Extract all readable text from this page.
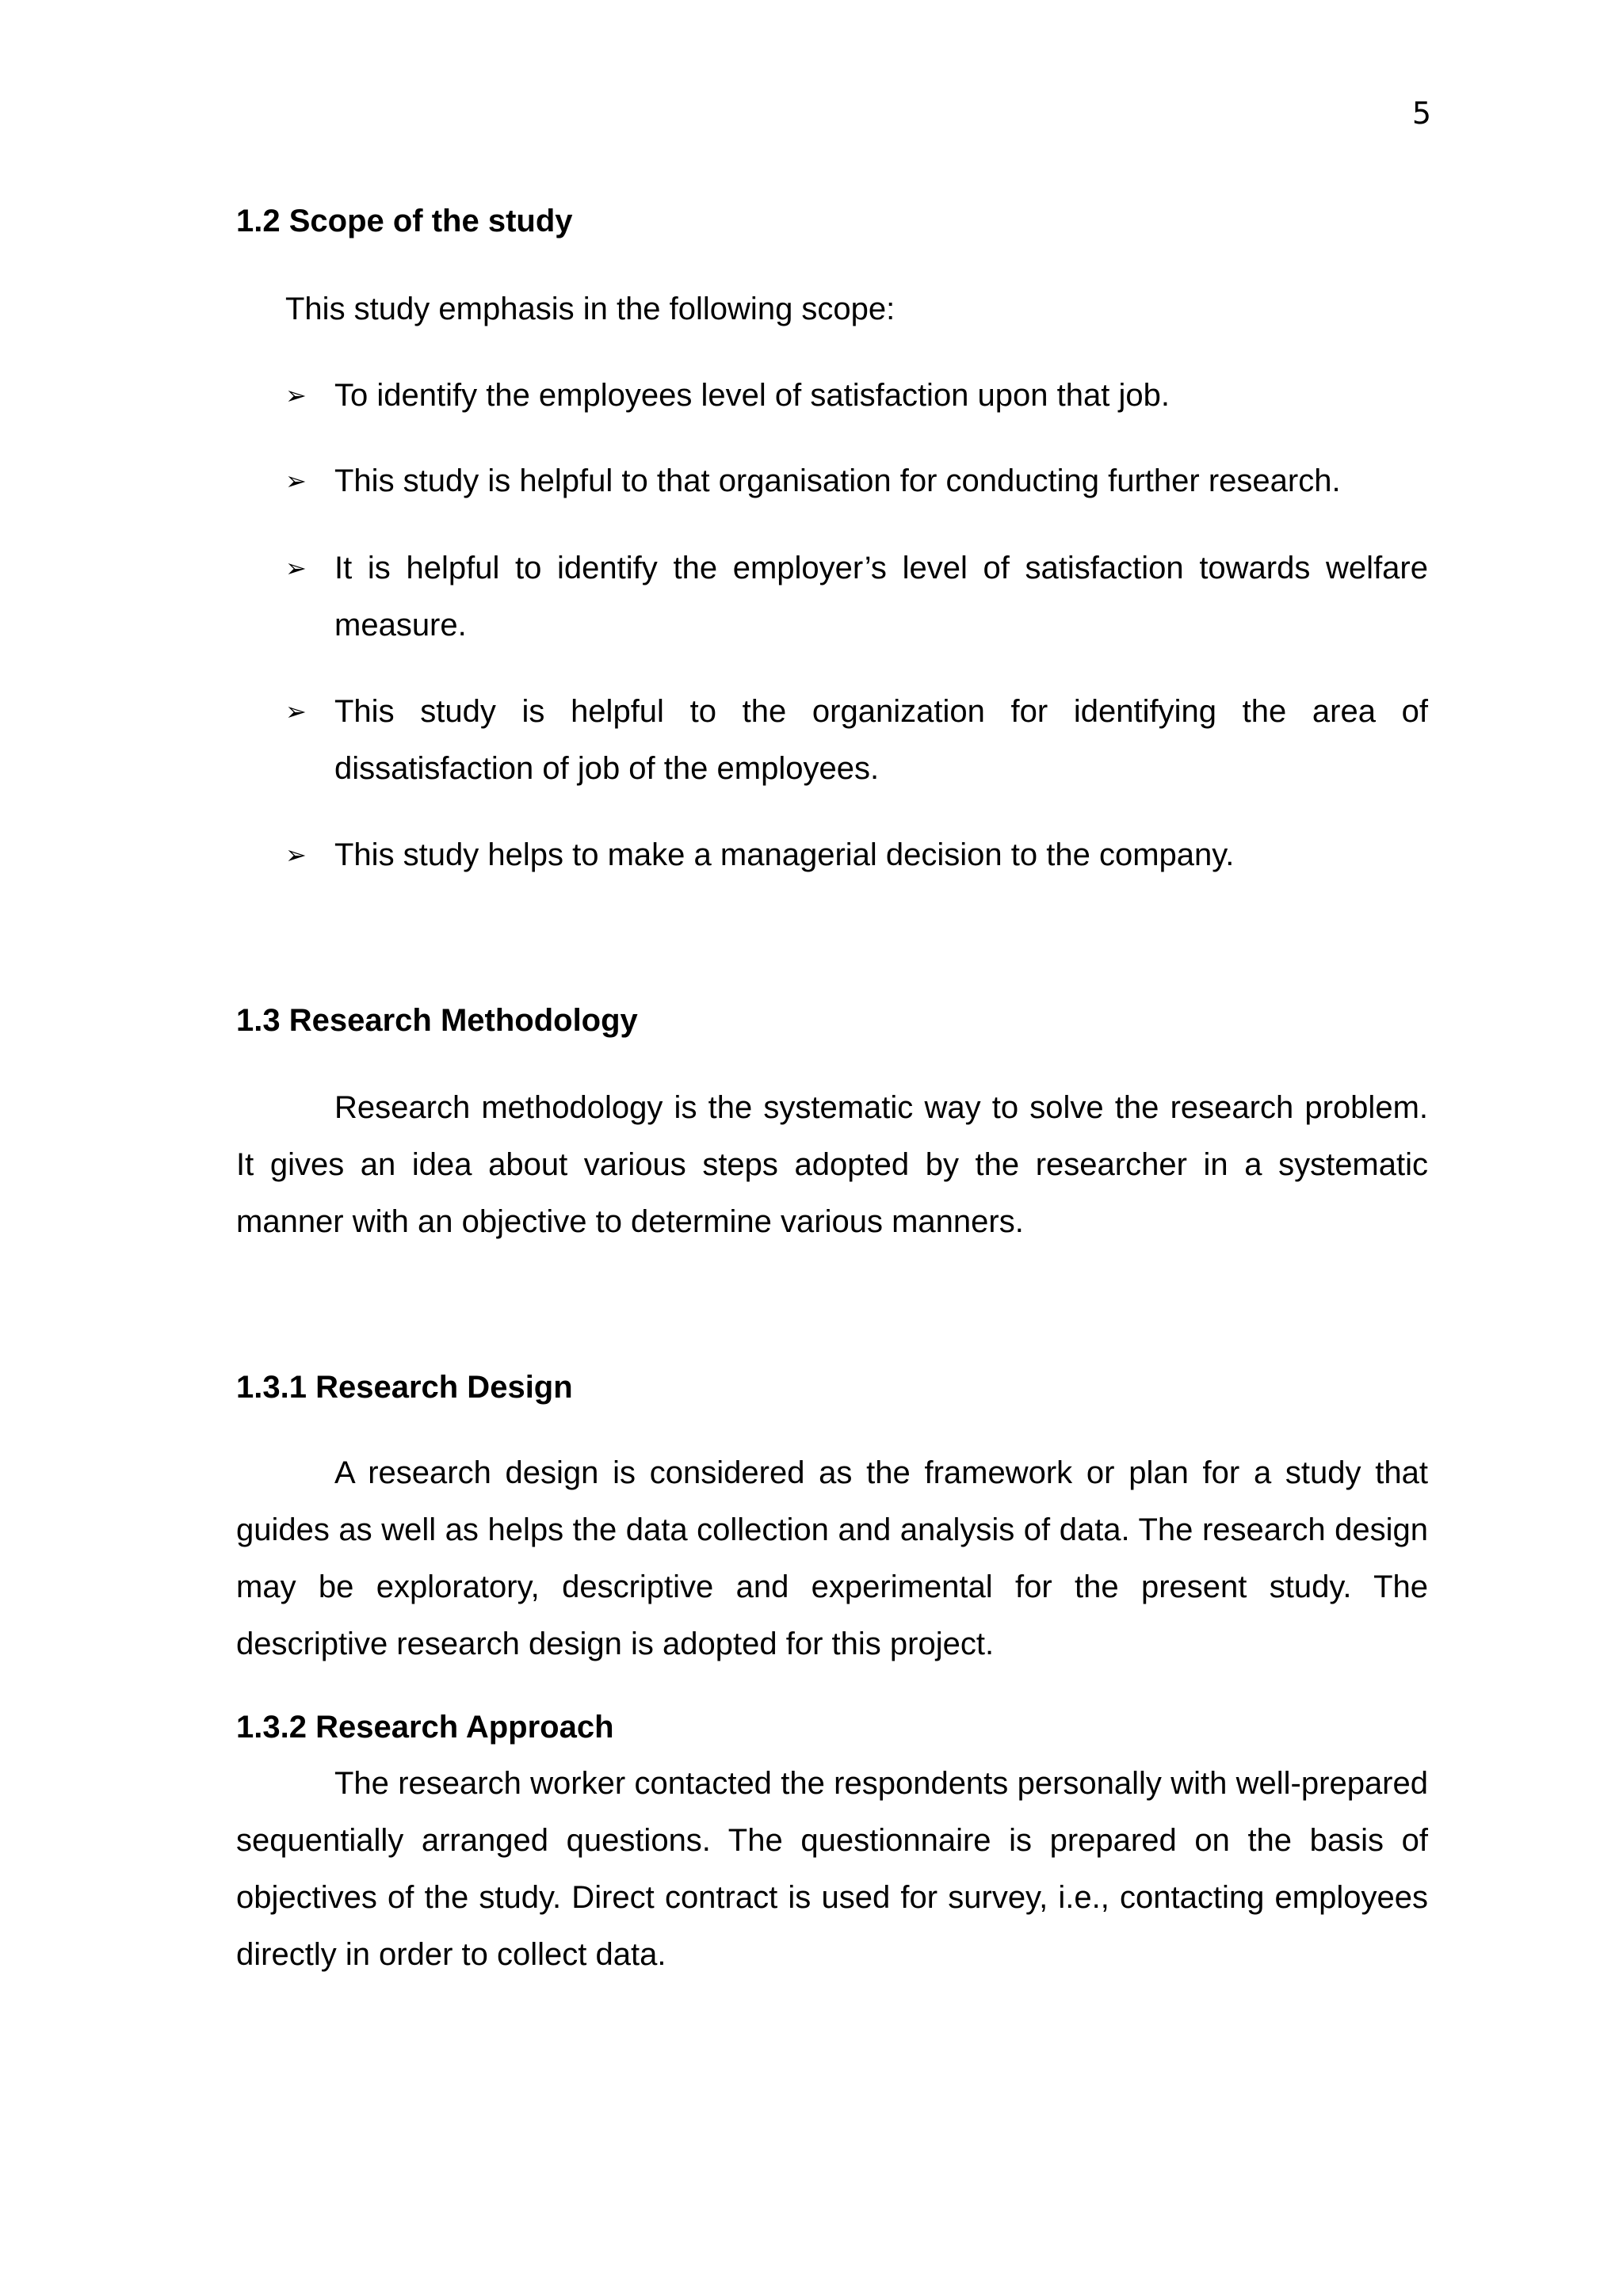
5
1.2 Scope of the study

This study emphasis in the following scope:

➢ To identify the employees level of satisfaction upon that job.
➢ This study is helpful to that organisation for conducting further research.
➢ It is helpful to identify the employer’s level of satisfaction towards welfare measure.
➢ This study is helpful to the organization for identifying the area of dissatisfaction of job of the employees.
➢ This study helps to make a managerial decision to the company.
1.3 Research Methodology

Research methodology is the systematic way to solve the research problem. It gives an idea about various steps adopted by the researcher in a systematic manner with an objective to determine various manners.

1.3.1 Research Design

A research design is considered as the framework or plan for a study that guides as well as helps the data collection and analysis of data. The research design may be exploratory, descriptive and experimental for the present study. The descriptive research design is adopted for this project.

1.3.2 Research Approach

The research worker contacted the respondents personally with well-prepared sequentially arranged questions. The questionnaire is prepared on the basis of objectives of the study. Direct contract is used for survey, i.e., contacting employees directly in order to collect data.
